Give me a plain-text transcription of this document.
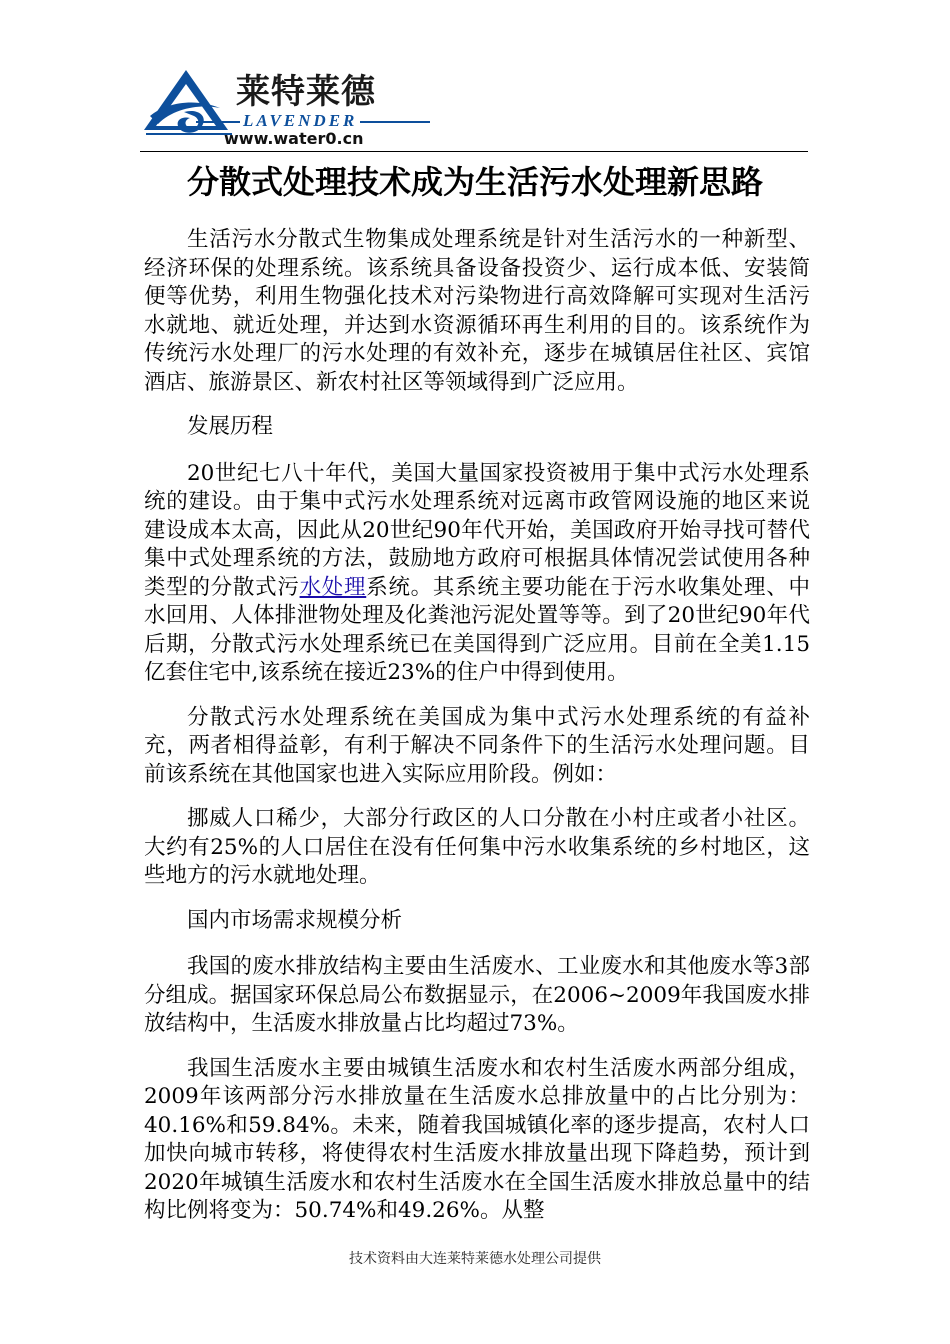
莱特莱德
LAVENDER
www.water0.cn
分散式处理技术成为生活污水处理新思路

生活污水分散式生物集成处理系统是针对生活污水的一种新型、经济环保的处理系统。该系统具备设备投资少、运行成本低、安装简便等优势，利用生物强化技术对污染物进行高效降解可实现对生活污水就地、就近处理，并达到水资源循环再生利用的目的。该系统作为传统污水处理厂的污水处理的有效补充，逐步在城镇居住社区、宾馆酒店、旅游景区、新农村社区等领域得到广泛应用。

发展历程

20世纪七八十年代，美国大量国家投资被用于集中式污水处理系统的建设。由于集中式污水处理系统对远离市政管网设施的地区来说建设成本太高，因此从20世纪90年代开始，美国政府开始寻找可替代集中式处理系统的方法，鼓励地方政府可根据具体情况尝试使用各种类型的分散式污水处理系统。其系统主要功能在于污水收集处理、中水回用、人体排泄物处理及化粪池污泥处置等等。到了20世纪90年代后期，分散式污水处理系统已在美国得到广泛应用。目前在全美1.15亿套住宅中,该系统在接近23%的住户中得到使用。

分散式污水处理系统在美国成为集中式污水处理系统的有益补充，两者相得益彰，有利于解决不同条件下的生活污水处理问题。目前该系统在其他国家也进入实际应用阶段。例如：

挪威人口稀少，大部分行政区的人口分散在小村庄或者小社区。大约有25%的人口居住在没有任何集中污水收集系统的乡村地区，这些地方的污水就地处理。

国内市场需求规模分析

我国的废水排放结构主要由生活废水、工业废水和其他废水等3部分组成。据国家环保总局公布数据显示，在2006~2009年我国废水排放结构中，生活废水排放量占比均超过73%。

我国生活废水主要由城镇生活废水和农村生活废水两部分组成，2009年该两部分污水排放量在生活废水总排放量中的占比分别为：40.16%和59.84%。未来，随着我国城镇化率的逐步提高，农村人口加快向城市转移，将使得农村生活废水排放量出现下降趋势，预计到2020年城镇生活废水和农村生活废水在全国生活废水排放总量中的结构比例将变为：50.74%和49.26%。从整

技术资料由大连莱特莱德水处理公司提供
